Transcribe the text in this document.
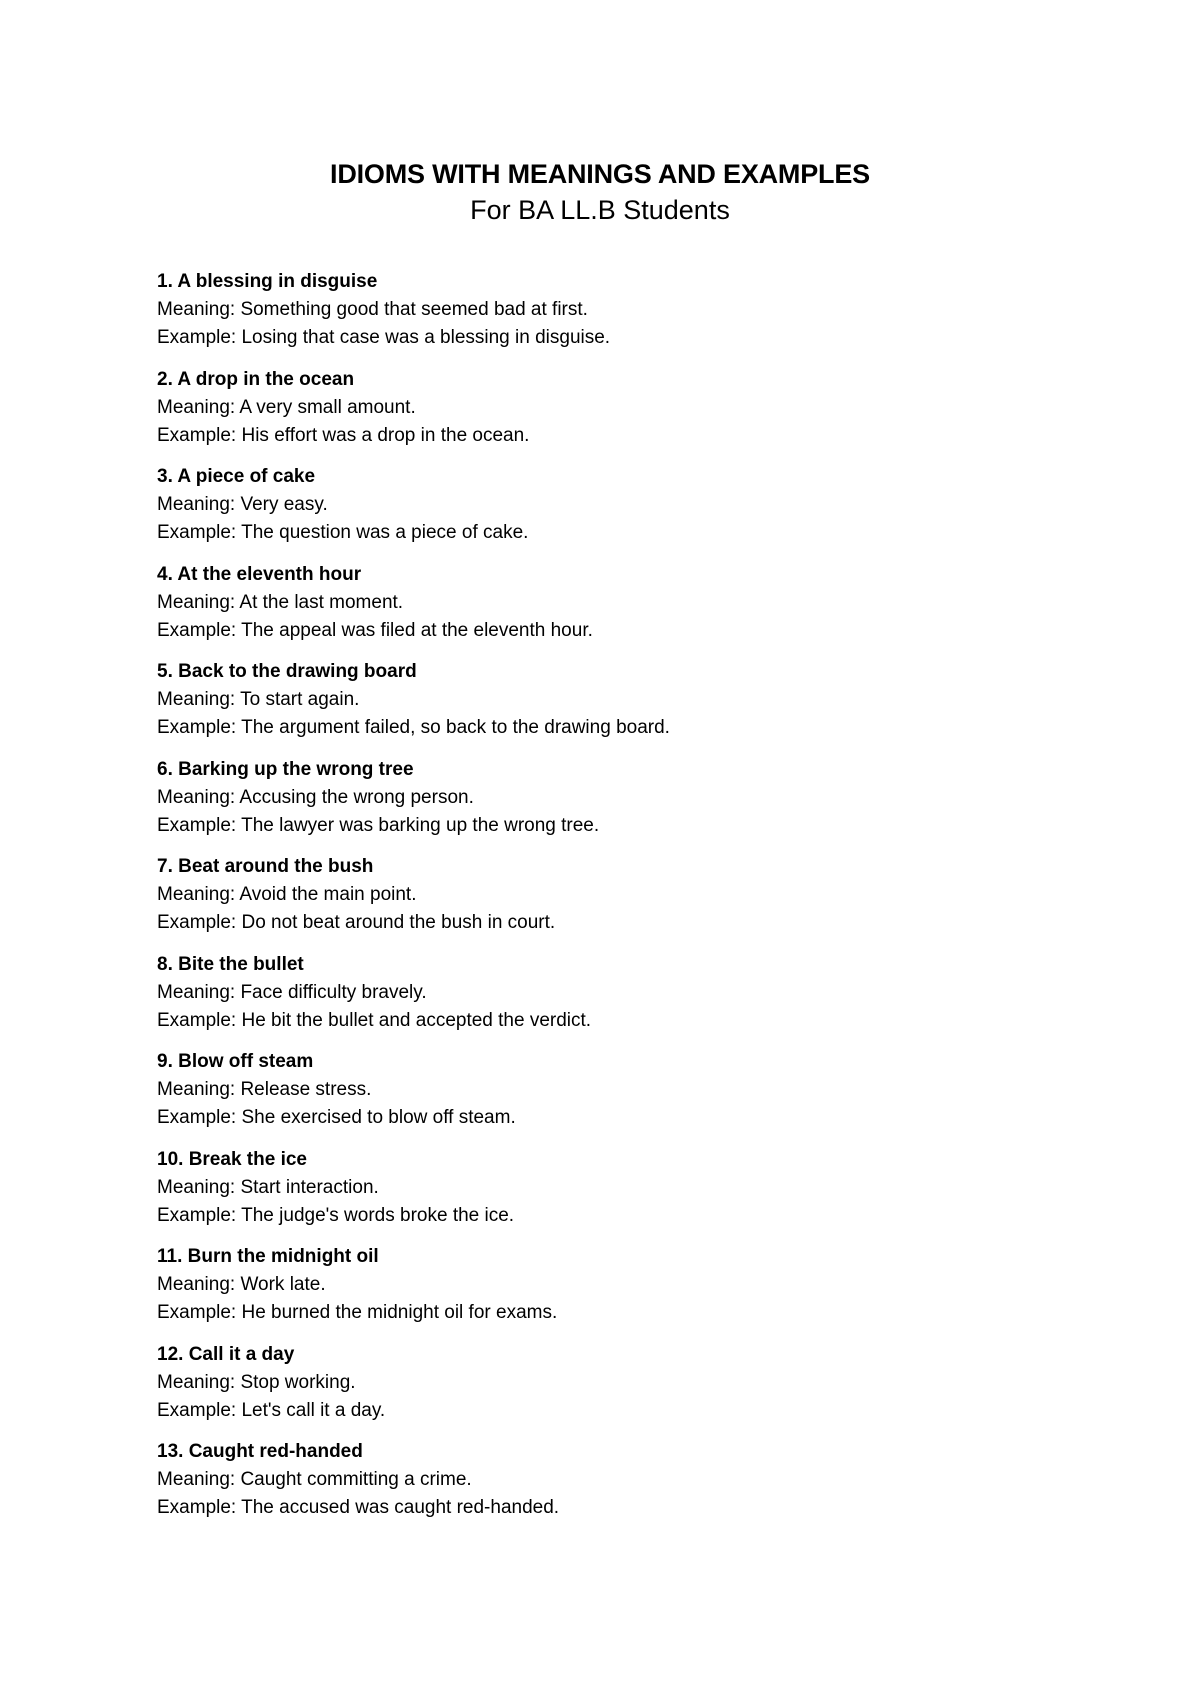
IDIOMS WITH MEANINGS AND EXAMPLES
For BA LL.B Students
1. A blessing in disguise
Meaning: Something good that seemed bad at first.
Example: Losing that case was a blessing in disguise.
2. A drop in the ocean
Meaning: A very small amount.
Example: His effort was a drop in the ocean.
3. A piece of cake
Meaning: Very easy.
Example: The question was a piece of cake.
4. At the eleventh hour
Meaning: At the last moment.
Example: The appeal was filed at the eleventh hour.
5. Back to the drawing board
Meaning: To start again.
Example: The argument failed, so back to the drawing board.
6. Barking up the wrong tree
Meaning: Accusing the wrong person.
Example: The lawyer was barking up the wrong tree.
7. Beat around the bush
Meaning: Avoid the main point.
Example: Do not beat around the bush in court.
8. Bite the bullet
Meaning: Face difficulty bravely.
Example: He bit the bullet and accepted the verdict.
9. Blow off steam
Meaning: Release stress.
Example: She exercised to blow off steam.
10. Break the ice
Meaning: Start interaction.
Example: The judge's words broke the ice.
11. Burn the midnight oil
Meaning: Work late.
Example: He burned the midnight oil for exams.
12. Call it a day
Meaning: Stop working.
Example: Let's call it a day.
13. Caught red-handed
Meaning: Caught committing a crime.
Example: The accused was caught red-handed.
